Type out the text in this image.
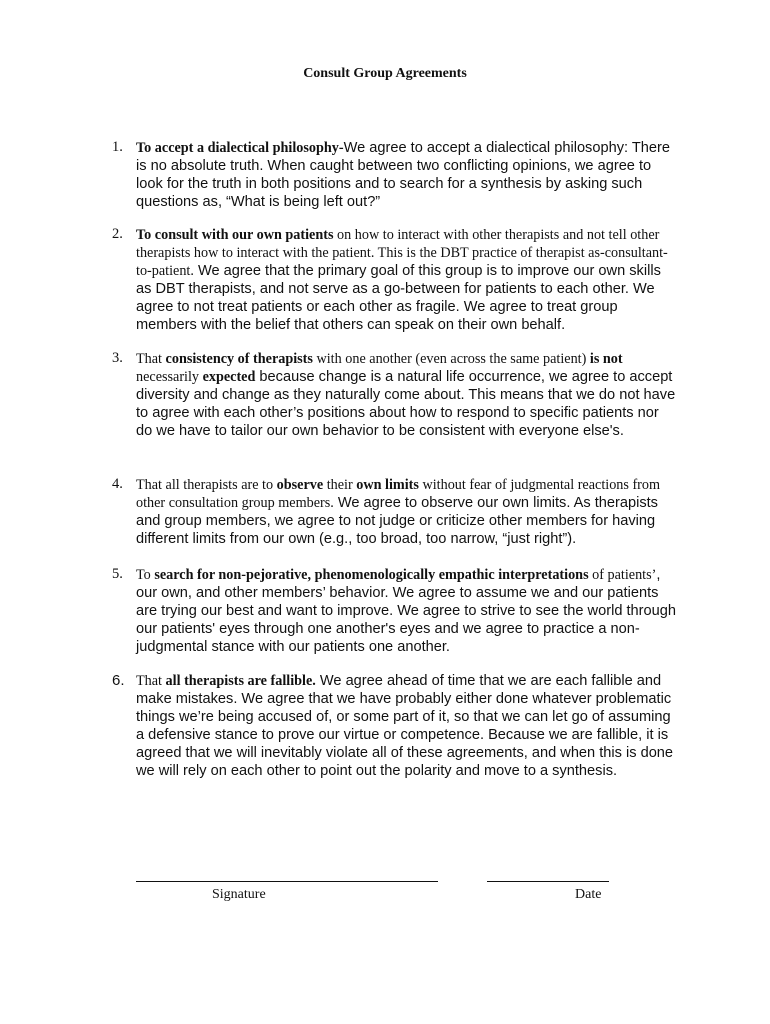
Consult Group Agreements
1. To accept a dialectical philosophy-We agree to accept a dialectical philosophy: There is no absolute truth. When caught between two conflicting opinions, we agree to look for the truth in both positions and to search for a synthesis by asking such questions as, “What is being left out?”
2. To consult with our own patients on how to interact with other therapists and not tell other therapists how to interact with the patient. This is the DBT practice of therapist as-consultant-to-patient. We agree that the primary goal of this group is to improve our own skills as DBT therapists, and not serve as a go-between for patients to each other. We agree to not treat patients or each other as fragile. We agree to treat group members with the belief that others can speak on their own behalf.
3. That consistency of therapists with one another (even across the same patient) is not necessarily expected because change is a natural life occurrence, we agree to accept diversity and change as they naturally come about. This means that we do not have to agree with each other’s positions about how to respond to specific patients nor do we have to tailor our own behavior to be consistent with everyone else's.
4. That all therapists are to observe their own limits without fear of judgmental reactions from other consultation group members. We agree to observe our own limits. As therapists and group members, we agree to not judge or criticize other members for having different limits from our own (e.g., too broad, too narrow, “just right”).
5. To search for non-pejorative, phenomenologically empathic interpretations of patients’, our own, and other members’ behavior. We agree to assume we and our patients are trying our best and want to improve. We agree to strive to see the world through our patients' eyes through one another's eyes and we agree to practice a non-judgmental stance with our patients one another.
6. That all therapists are fallible. We agree ahead of time that we are each fallible and make mistakes. We agree that we have probably either done whatever problematic things we’re being accused of, or some part of it, so that we can let go of assuming a defensive stance to prove our virtue or competence. Because we are fallible, it is agreed that we will inevitably violate all of these agreements, and when this is done we will rely on each other to point out the polarity and move to a synthesis.
Signature	Date
